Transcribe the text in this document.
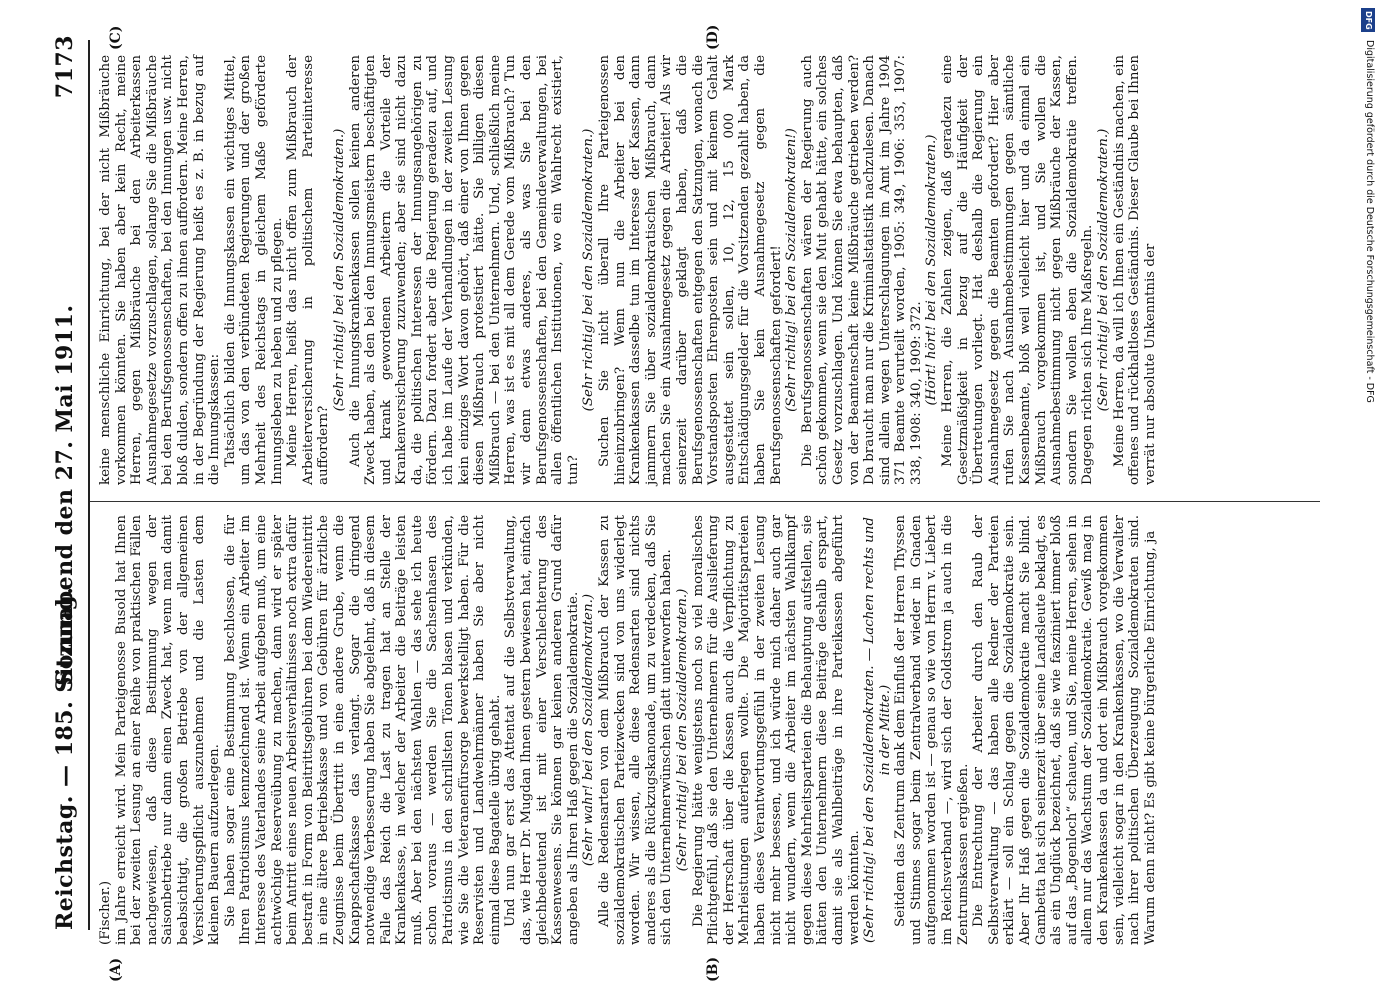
Reichstag. — 185. Sitzung.
Sonnabend den 27. Mai 1911.
7173
(A)	(B)
(C)	(D)

(Fischer.) im Jahre erreicht wird. Mein Parteigenosse Busold hat Ihnen bei der zweiten Lesung an einer Reihe von praktischen Fällen nachgewiesen, daß diese Bestimmung wegen der Saisonbetriebe nur dann einen Zweck hat, wenn man damit beabsichtigt, die großen Betriebe von der allgemeinen Versicherungspflicht auszunehmen und die Lasten dem kleinen Bauern aufzuerlegen. Sie haben sogar eine Bestimmung beschlossen, die für Ihren Patriotismus kennzeichnend ist. Wenn ein Arbeiter im Interesse des Vaterlandes seine Arbeit aufgeben muß, um eine achtwöchige Reserveübung zu machen, dann wird er später beim Antritt eines neuen Arbeitsverhältnisses noch extra dafür bestraft in Form von Beitrittsgebühren bei dem Wiedereintritt in eine ältere Betriebskasse und von Gebühren für ärztliche Zeugnisse beim Übertritt in eine andere Grube, wenn die Knappschaftskasse das verlangt. Sogar die dringend notwendige Verbesserung haben Sie abgelehnt, daß in diesem Falle das Reich die Last zu tragen hat an Stelle der Krankenkasse, in welcher der Arbeiter die Beiträge leisten muß. Aber bei den nächsten Wahlen — das sehe ich heute schon voraus — werden Sie die Sachsenhasen des Patriotismus in den schrillsten Tönen blasen und verkünden, wie Sie die Veteranenfürsorge bewerkstelligt haben. Für die Reservisten und Landwehrmänner haben Sie aber nicht einmal diese Bagatelle übrig gehabt. Und nun gar erst das Attentat auf die Selbstverwaltung, das, wie Herr Dr. Mugdan Ihnen gestern bewiesen hat, einfach gleichbedeutend ist mit einer Verschlechterung des Kassenwesens. Sie können gar keinen anderen Grund dafür angeben als Ihren Haß gegen die Sozialdemokratie. (Sehr wahr! bei den Sozialdemokraten.) Alle die Redensarten von dem Mißbrauch der Kassen zu sozialdemokratischen Parteizwecken sind von uns widerlegt worden. Wir wissen, alle diese Redensarten sind nichts anderes als die Rückzugskanonade, um zu verdecken, daß Sie sich den Unternehmerwünschen glatt unterworfen haben. (Sehr richtig! bei den Sozialdemokraten.) Die Regierung hätte wenigstens noch so viel moralisches Pflichtgefühl, daß sie den Unternehmern für die Auslieferung der Herrschaft über die Kassen auch die Verpflichtung zu Mehrleistungen auferlegen wollte. Die Majoritätsparteien haben dieses Verantwortungsgefühl in der zweiten Lesung nicht mehr besessen, und ich würde mich daher auch gar nicht wundern, wenn die Arbeiter im nächsten Wahlkampf gegen diese Mehrheitsparteien die Behauptung aufstellen, sie hätten den Unternehmern diese Beiträge deshalb erspart, damit sie als Wahlbeiträge in ihre Parteikassen abgeführt werden könnten. (Sehr richtig! bei den Sozialdemokraten. — Lachen rechts und in der Mitte.) Seitdem das Zentrum dank dem Einfluß der Herren Thyssen und Stinnes sogar beim Zentralverband wieder in Gnaden aufgenommen worden ist — genau so wie von Herrn v. Liebert im Reichsverband —, wird sich der Goldstrom ja auch in die Zentrumskassen ergießen. Die Entrechtung der Arbeiter durch den Raub der Selbstverwaltung — das haben alle Redner der Parteien erklärt — soll ein Schlag gegen die Sozialdemokratie sein. Aber Ihr Haß gegen die Sozialdemokratie macht Sie blind. Gambetta hat sich seinerzeit über seine Landsleute beklagt, es als ein Unglück bezeichnet, daß sie wie fasziniert immer bloß auf das „Bogenloch“ schauen, und Sie, meine Herren, sehen in allem nur das Wachstum der Sozialdemokratie. Gewiß mag in den Krankenkassen da und dort ein Mißbrauch vorgekommen sein, vielleicht sogar in den Krankenkassen, wo die Verwalter nach ihrer politischen Überzeugung Sozialdemokraten sind. Warum denn nicht? Es gibt keine bürgerliche Einrichtung, ja

keine menschliche Einrichtung, bei der nicht Mißbräuche vorkommen könnten. Sie haben aber kein Recht, meine Herren, gegen Mißbräuche bei den Arbeiterkassen Ausnahmegesetze vorzuschlagen, solange Sie die Mißbräuche bei den Berufsgenossenschaften, bei den Innungen usw. nicht bloß dulden, sondern offen zu ihnen auffordern. Meine Herren, in der Begründung der Regierung heißt es z. B. in bezug auf die Innungskassen: Tatsächlich bilden die Innungskassen ein wichtiges Mittel, um das von den verbündeten Regierungen und der großen Mehrheit des Reichstags in gleichem Maße geförderte Innungsleben zu heben und zu pflegen. Meine Herren, heißt das nicht offen zum Mißbrauch der Arbeiterversicherung in politischem Parteiinteresse auffordern?

(Sehr richtig! bei den Sozialdemokraten.) Auch die Innungskrankenkassen sollen keinen anderen Zweck haben, als den bei den Innungsmeistern beschäftigten und krank gewordenen Arbeitern die Vorteile der Krankenversicherung zuzuwenden; aber sie sind nicht dazu da, die politischen Interessen der Innungsangehörigen zu fördern. Dazu fordert aber die Regierung geradezu auf, und ich habe im Laufe der Verhandlungen in der zweiten Lesung kein einziges Wort davon gehört, daß einer von Ihnen gegen diesen Mißbrauch protestiert hätte. Sie billigen diesen Mißbrauch — bei den Unternehmern. Und, schließlich meine Herren, was ist es mit all dem Gerede vom Mißbrauch? Tun wir denn etwas anderes, als was Sie bei den Berufsgenossenschaften, bei den Gemeindeverwaltungen, bei allen öffentlichen Institutionen, wo ein Wahlrecht existiert, tun?

(Sehr richtig! bei den Sozialdemokraten.) Suchen Sie nicht überall Ihre Parteigenossen hineinzubringen? Wenn nun die Arbeiter bei den Krankenkassen dasselbe tun im Interesse der Kassen, dann jammern Sie über sozialdemokratischen Mißbrauch, dann machen Sie ein Ausnahmegesetz gegen die Arbeiter! Als wir seinerzeit darüber geklagt haben, daß die Berufsgenossenschaften entgegen den Satzungen, wonach die Vorstandsposten Ehrenposten sein und mit keinem Gehalt ausgestattet sein sollen, 10, 12, 15 000 Mark Entschädigungsgelder für die Vorsitzenden gezahlt haben, da haben Sie kein Ausnahmegesetz gegen die Berufsgenossenschaften gefordert! (Sehr richtig! bei den Sozialdemokraten!) Die Berufsgenossenschaften wären der Regierung auch schön gekommen, wenn sie den Mut gehabt hätte, ein solches Gesetz vorzuschlagen. Und können Sie etwa behaupten, daß von der Beamtenschaft keine Mißbräuche getrieben werden? Da braucht man nur die Kriminalstatistik nachzulesen. Danach sind allein wegen Unterschlagungen im Amt im Jahre 1904 371 Beamte verurteilt worden, 1905: 349, 1906: 353, 1907: 338, 1908: 340, 1909: 372. (Hört! hört! bei den Sozialdemokraten.) Meine Herren, die Zahlen zeigen, daß geradezu eine Gesetzmäßigkeit in bezug auf die Häufigkeit der Übertretungen vorliegt. Hat deshalb die Regierung ein Ausnahmegesetz gegen die Beamten gefordert? Hier aber rufen Sie nach Ausnahmebestimmungen gegen sämtliche Kassenbeamte, bloß weil vielleicht hier und da einmal ein Mißbrauch vorgekommen ist, und Sie wollen die Ausnahmebestimmung nicht gegen Mißbräuche der Kassen, sondern Sie wollen eben die Sozialdemokratie treffen. Dagegen richten sich Ihre Maßregeln. (Sehr richtig! bei den Sozialdemokraten.) Meine Herren, da will ich Ihnen ein Geständnis machen, ein offenes und rückhaltloses Geständnis. Dieser Glaube bei Ihnen verrät nur absolute Unkenntnis der

DFG
Digitalisierung gefördert durch die Deutsche Forschungsgemeinschaft - DFG
